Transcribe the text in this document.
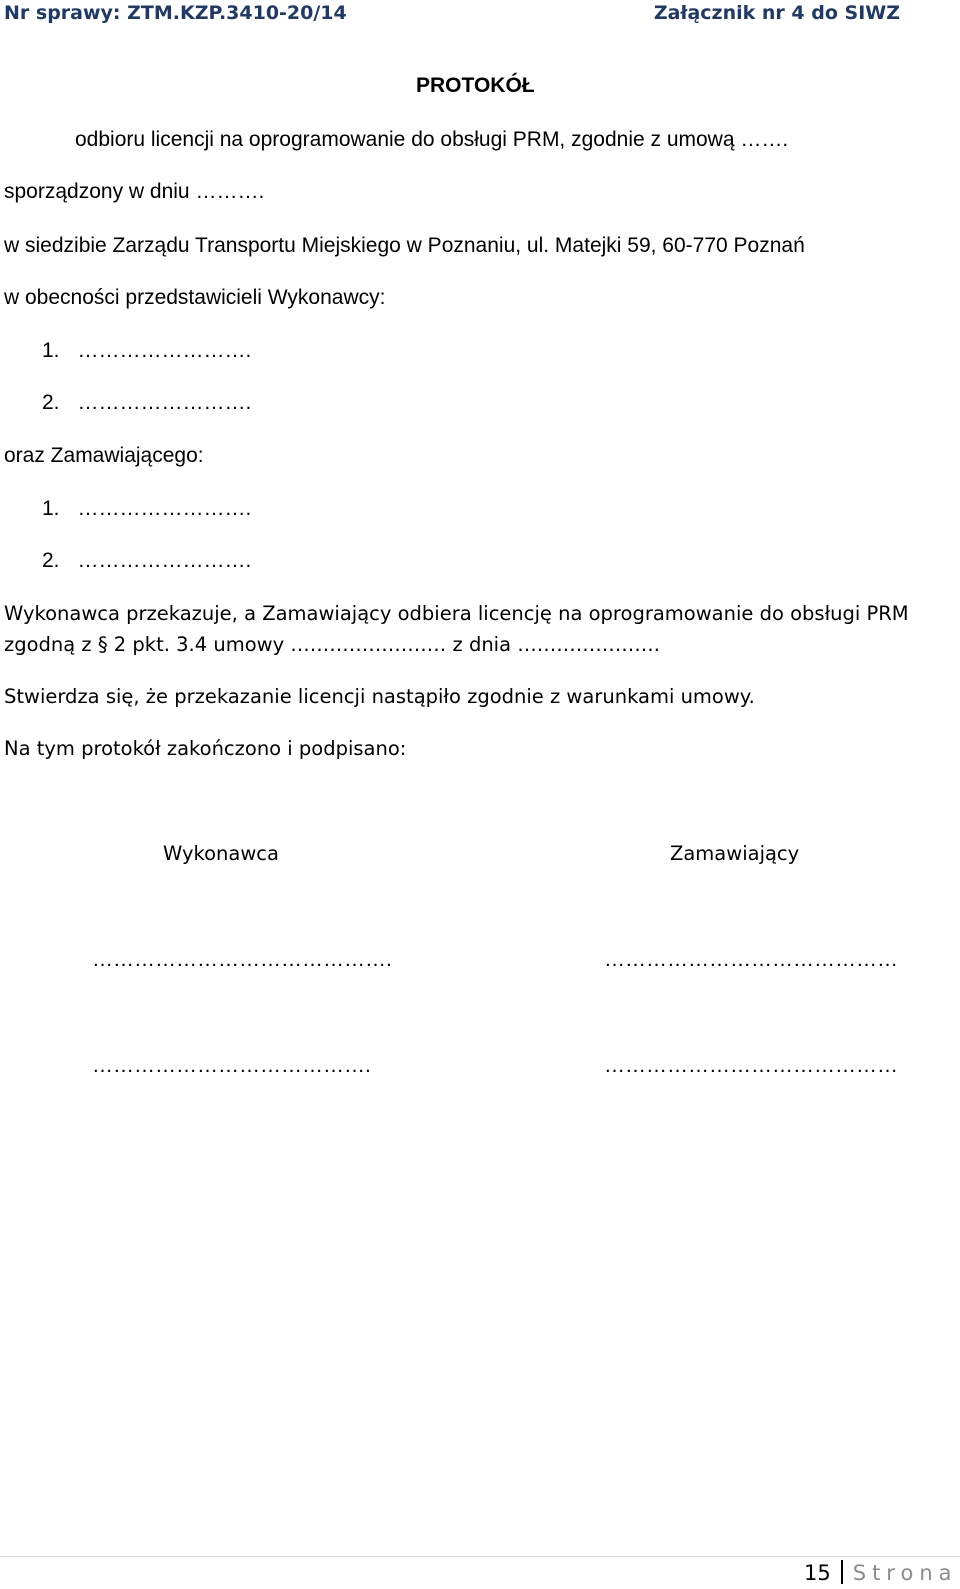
Nr sprawy: ZTM.KZP.3410-20/14	Załącznik nr 4 do SIWZ
PROTOKÓŁ
odbioru licencji na oprogramowanie do obsługi PRM, zgodnie z umową …….
sporządzony w dniu ……….
w siedzibie Zarządu Transportu Miejskiego w Poznaniu, ul. Matejki 59, 60-770 Poznań
w obecności przedstawicieli Wykonawcy:
1. …………………….
2. …………………….
oraz Zamawiającego:
1. …………………….
2. …………………….
Wykonawca przekazuje, a Zamawiający odbiera licencję na oprogramowanie do obsługi PRM
zgodną z § 2 pkt. 3.4 umowy …………………… z dnia ………………….
Stwierdza się, że przekazanie licencji nastąpiło zgodnie z warunkami umowy.
Na tym protokół zakończono i podpisano:
Wykonawca	Zamawiający
…………………………………….	……………………………………
………………………………….	……………………………………
15 Strona
